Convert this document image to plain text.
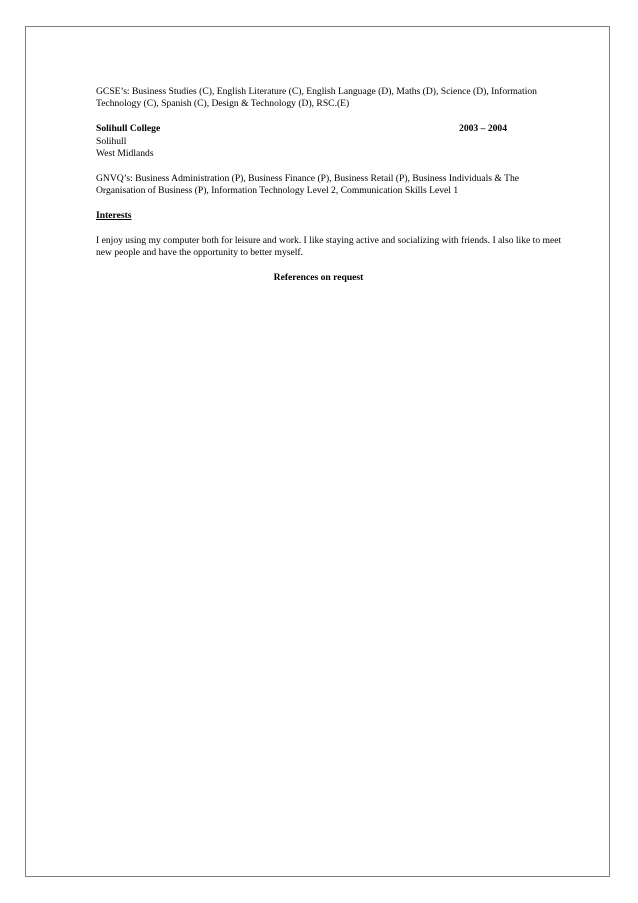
GCSE’s: Business Studies (C), English Literature (C), English Language (D), Maths (D), Science (D), Information Technology (C), Spanish (C), Design & Technology (D), RSC.(E)

Solihull College	2003 – 2004
Solihull

West Midlands

GNVQ’s: Business Administration (P), Business Finance (P), Business Retail (P), Business Individuals & The Organisation of Business (P), Information Technology Level 2, Communication Skills Level 1

Interests

I enjoy using my computer both for leisure and work. I like staying active and socializing with friends. I also like to meet new people and have the opportunity to better myself.

References on request
